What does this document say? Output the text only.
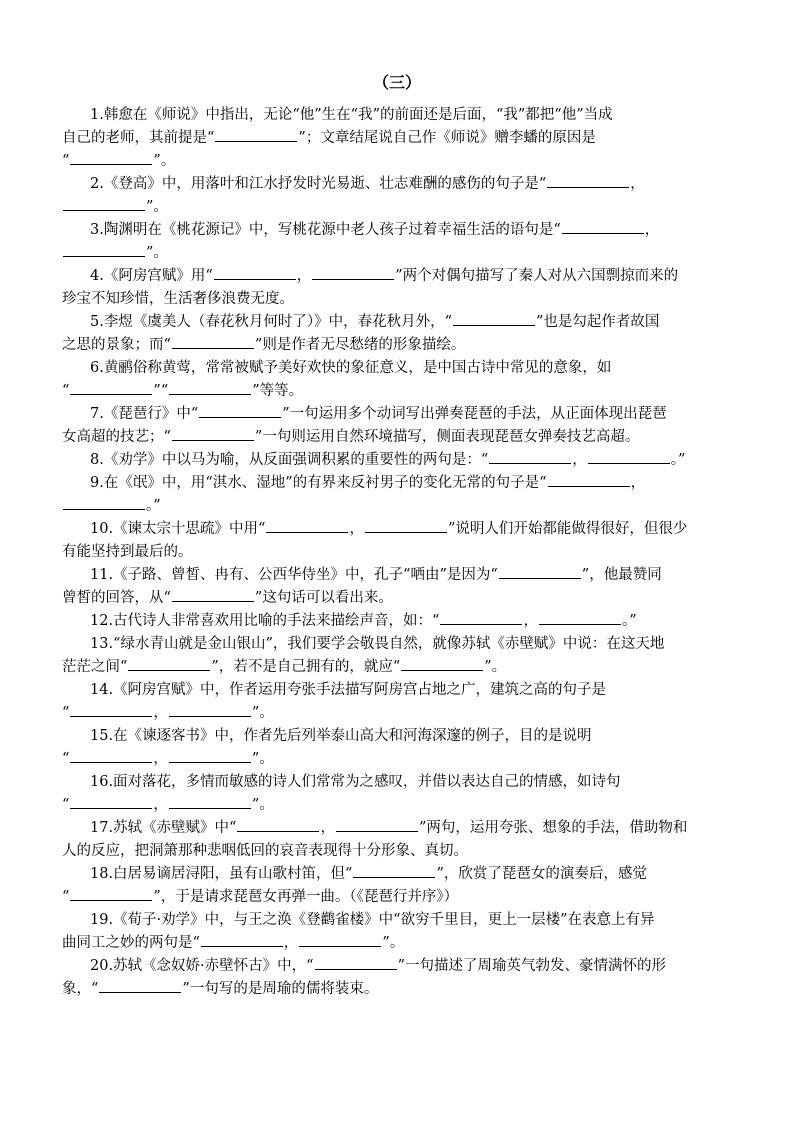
（三）
1.韩愈在《师说》中指出，无论“他”生在“我”的前面还是后面，“我”都把“他”当成
自己的老师，其前提是“	”；文章结尾说自己作《师说》赠李蟠的原因是
“	”。
2.《登高》中，用落叶和江水抒发时光易逝、壮志难酬的感伤的句子是“	，
”。
3.陶渊明在《桃花源记》中，写桃花源中老人孩子过着幸福生活的语句是“	，
”。
4.《阿房宫赋》用“	，	”两个对偶句描写了秦人对从六国剽掠而来的
珍宝不知珍惜，生活奢侈浪费无度。
5.李煜《虞美人（春花秋月何时了）》中，春花秋月外，“	”也是勾起作者故国
之思的景象；而“	”则是作者无尽愁绪的形象描绘。
6.黄鹂俗称黄莺，常常被赋予美好欢快的象征意义，是中国古诗中常见的意象，如
“	”“	”等等。
7.《琵琶行》中“	”一句运用多个动词写出弹奏琵琶的手法，从正面体现出琵琶
女高超的技艺；“	”一句则运用自然环境描写，侧面表现琵琶女弹奏技艺高超。
8.《劝学》中以马为喻，从反面强调积累的重要性的两句是：“	，	。”
9.在《氓》中，用“淇水、湿地”的有界来反衬男子的变化无常的句子是“	，
。”
10.《谏太宗十思疏》中用“	，	”说明人们开始都能做得很好，但很少
有能坚持到最后的。
11.《子路、曾皙、冉有、公西华侍坐》中，孔子“哂由”是因为“	”，他最赞同
曾皙的回答，从“	”这句话可以看出来。
12.古代诗人非常喜欢用比喻的手法来描绘声音，如：“	，	。”
13.“绿水青山就是金山银山”，我们要学会敬畏自然，就像苏轼《赤壁赋》中说：在这天地
茫茫之间“	”，若不是自己拥有的，就应“	”。
14.《阿房宫赋》中，作者运用夸张手法描写阿房宫占地之广，建筑之高的句子是
“	，	”。
15.在《谏逐客书》中，作者先后列举泰山高大和河海深邃的例子，目的是说明
“	，	”。
16.面对落花，多情而敏感的诗人们常常为之感叹，并借以表达自己的情感，如诗句
“	，	”。
17.苏轼《赤壁赋》中“	，	”两句，运用夸张、想象的手法，借助物和
人的反应，把洞箫那种悲咽低回的哀音表现得十分形象、真切。
18.白居易谪居浔阳，虽有山歌村笛，但“	”，欣赏了琵琶女的演奏后，感觉
“	”，于是请求琵琶女再弹一曲。（《琵琶行并序》）
19.《荀子·劝学》中，与王之涣《登鹳雀楼》中“欲穷千里目，更上一层楼”在表意上有异
曲同工之妙的两句是“	，	”。
20.苏轼《念奴娇·赤壁怀古》中，“	”一句描述了周瑜英气勃发、豪情满怀的形
象，“	”一句写的是周瑜的儒将装束。
